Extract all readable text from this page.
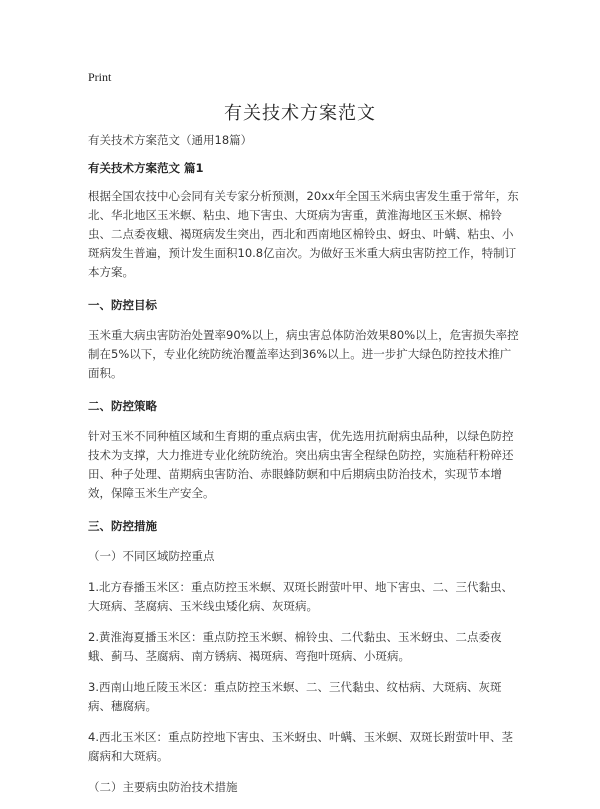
Print
有关技术方案范文

有关技术方案范文（通用18篇）

有关技术方案范文 篇1

根据全国农技中心会同有关专家分析预测，20xx年全国玉米病虫害发生重于常年，东北、华北地区玉米螟、粘虫、地下害虫、大斑病为害重，黄淮海地区玉米螟、棉铃虫、二点委夜蛾、褐斑病发生突出，西北和西南地区棉铃虫、蚜虫、叶螨、粘虫、小斑病发生普遍，预计发生面积10.8亿亩次。为做好玉米重大病虫害防控工作，特制订本方案。

一、防控目标

玉米重大病虫害防治处置率90%以上，病虫害总体防治效果80%以上，危害损失率控制在5%以下，专业化统防统治覆盖率达到36%以上。进一步扩大绿色防控技术推广面积。

二、防控策略

针对玉米不同种植区域和生育期的重点病虫害，优先选用抗耐病虫品种，以绿色防控技术为支撑，大力推进专业化统防统治。突出病虫害全程绿色防控，实施秸秆粉碎还田、种子处理、苗期病虫害防治、赤眼蜂防螟和中后期病虫防治技术，实现节本增效，保障玉米生产安全。

三、防控措施

（一）不同区域防控重点

1.北方春播玉米区：重点防控玉米螟、双斑长跗萤叶甲、地下害虫、二、三代黏虫、大斑病、茎腐病、玉米线虫矮化病、灰斑病。

2.黄淮海夏播玉米区：重点防控玉米螟、棉铃虫、二代黏虫、玉米蚜虫、二点委夜蛾、蓟马、茎腐病、南方锈病、褐斑病、弯孢叶斑病、小斑病。

3.西南山地丘陵玉米区：重点防控玉米螟、二、三代黏虫、纹枯病、大斑病、灰斑病、穗腐病。

4.西北玉米区：重点防控地下害虫、玉米蚜虫、叶螨、玉米螟、双斑长跗萤叶甲、茎腐病和大斑病。

（二）主要病虫防治技术措施
